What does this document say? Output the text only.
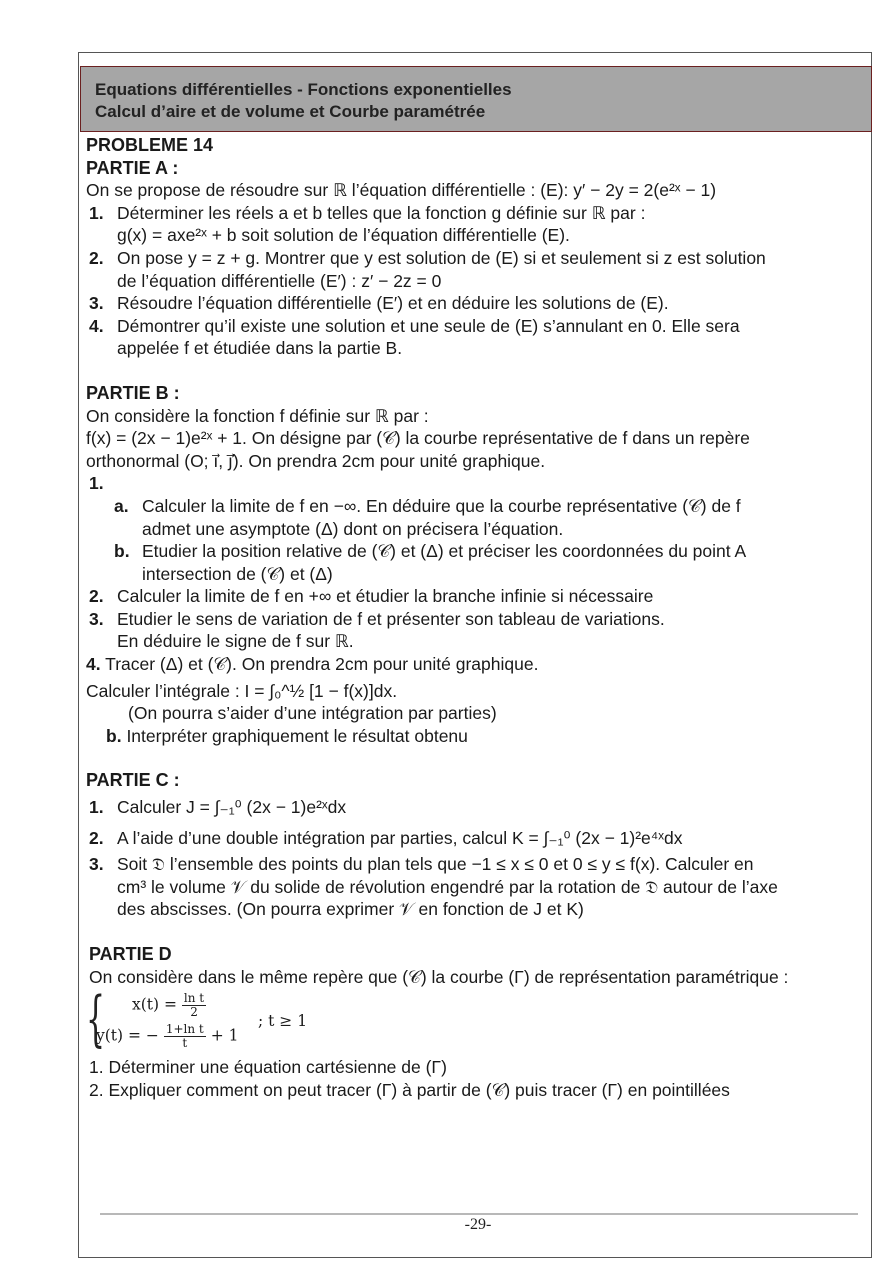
Equations différentielles - Fonctions exponentielles
Calcul d’aire et de volume et Courbe paramétrée

PROBLEME 14

PARTIE A :

On se propose de résoudre sur ℝ l’équation différentielle : (E): y′ − 2y = 2(e²ˣ − 1)

1. Déterminer les réels a et b telles que la fonction g définie sur ℝ par :

g(x) = axe²ˣ + b soit solution de l’équation différentielle (E).

2. On pose y = z + g. Montrer que y est solution de (E) si et seulement si z est solution

de l’équation différentielle (E′) : z′ − 2z = 0

3. Résoudre l’équation différentielle (E′) et en déduire les solutions de (E).

4. Démontrer qu’il existe une solution et une seule de (E) s’annulant en 0. Elle sera

appelée f et étudiée dans la partie B.

PARTIE B :

On considère la fonction f définie sur ℝ par :

f(x) = (2x − 1)e²ˣ + 1. On désigne par (𝒞) la courbe représentative de f dans un repère

orthonormal (O; i⃗, j⃗). On prendra 2cm pour unité graphique.

1.

a. Calculer la limite de f en −∞. En déduire que la courbe représentative (𝒞) de f

admet une asymptote (Δ) dont on précisera l’équation.

b. Etudier la position relative de (𝒞) et (Δ) et préciser les coordonnées du point A

intersection de (𝒞) et (Δ)

2. Calculer la limite de f en +∞ et étudier la branche infinie si nécessaire

3. Etudier le sens de variation de f et présenter son tableau de variations.

En déduire le signe de f sur ℝ.

4. Tracer (Δ) et (𝒞). On prendra 2cm pour unité graphique.

Calculer l’intégrale : I = ∫₀^½ [1 − f(x)]dx.

(On pourra s’aider d’une intégration par parties)

b. Interpréter graphiquement le résultat obtenu

PARTIE C :

1. Calculer J = ∫₋₁⁰ (2x − 1)e²ˣdx

2. A l’aide d’une double intégration par parties, calcul K = ∫₋₁⁰ (2x − 1)²e⁴ˣdx

3. Soit 𝔇 l’ensemble des points du plan tels que −1 ≤ x ≤ 0 et 0 ≤ y ≤ f(x). Calculer en

cm³ le volume 𝒱 du solide de révolution engendré par la rotation de 𝔇 autour de l’axe

des abscisses. (On pourra exprimer 𝒱 en fonction de J et K)

PARTIE D

On considère dans le même repère que (𝒞) la courbe (Γ) de représentation paramétrique :

{ $x(t) = \frac{\text{ln t}}{2}$
y(t) = − $\frac{\text{1+ln t}}{t} + 1$
; t ≥ 1

1. Déterminer une équation cartésienne de (Γ)

2. Expliquer comment on peut tracer (Γ) à partir de (𝒞) puis tracer (Γ) en pointillées

-29-
